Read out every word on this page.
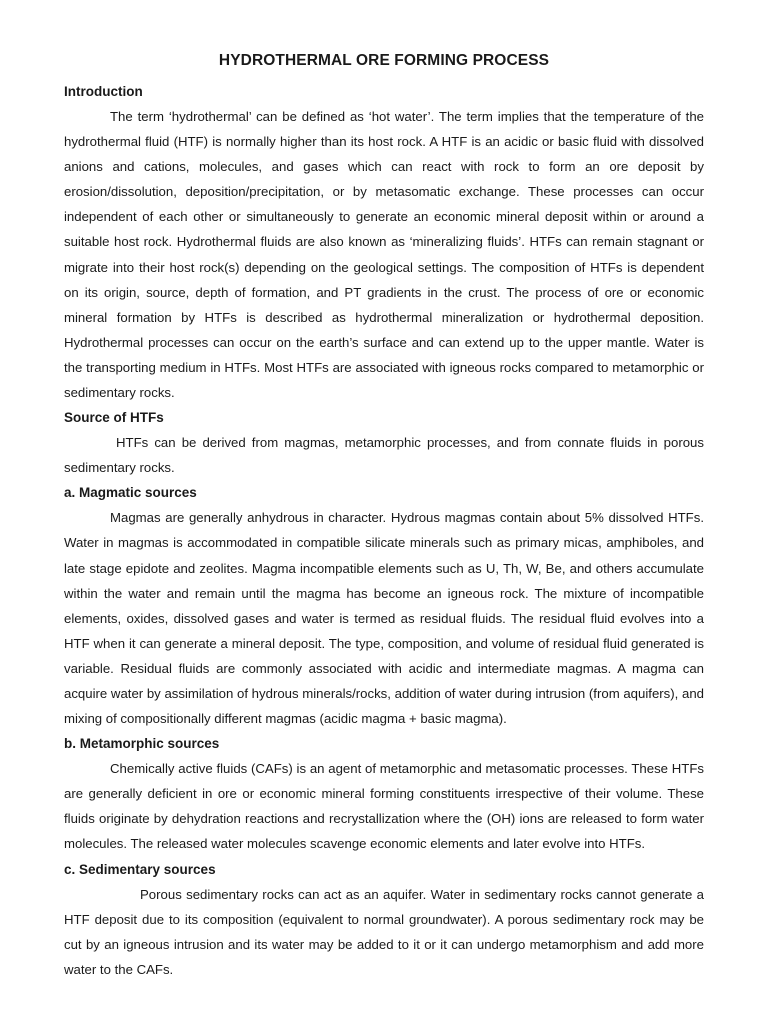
HYDROTHERMAL ORE FORMING PROCESS
Introduction

The term ‘hydrothermal’ can be defined as ‘hot water’. The term implies that the temperature of the hydrothermal fluid (HTF) is normally higher than its host rock. A HTF is an acidic or basic fluid with dissolved anions and cations, molecules, and gases which can react with rock to form an ore deposit by erosion/dissolution, deposition/precipitation, or by metasomatic exchange. These processes can occur independent of each other or simultaneously to generate an economic mineral deposit within or around a suitable host rock. Hydrothermal fluids are also known as ‘mineralizing fluids’. HTFs can remain stagnant or migrate into their host rock(s) depending on the geological settings. The composition of HTFs is dependent on its origin, source, depth of formation, and PT gradients in the crust. The process of ore or economic mineral formation by HTFs is described as hydrothermal mineralization or hydrothermal deposition. Hydrothermal processes can occur on the earth’s surface and can extend up to the upper mantle. Water is the transporting medium in HTFs. Most HTFs are associated with igneous rocks compared to metamorphic or sedimentary rocks.

Source of HTFs

HTFs can be derived from magmas, metamorphic processes, and from connate fluids in porous sedimentary rocks.

a. Magmatic sources

Magmas are generally anhydrous in character. Hydrous magmas contain about 5% dissolved HTFs. Water in magmas is accommodated in compatible silicate minerals such as primary micas, amphiboles, and late stage epidote and zeolites. Magma incompatible elements such as U, Th, W, Be, and others accumulate within the water and remain until the magma has become an igneous rock. The mixture of incompatible elements, oxides, dissolved gases and water is termed as residual fluids. The residual fluid evolves into a HTF when it can generate a mineral deposit. The type, composition, and volume of residual fluid generated is variable. Residual fluids are commonly associated with acidic and intermediate magmas. A magma can acquire water by assimilation of hydrous minerals/rocks, addition of water during intrusion (from aquifers), and mixing of compositionally different magmas (acidic magma + basic magma).

b. Metamorphic sources

Chemically active fluids (CAFs) is an agent of metamorphic and metasomatic processes. These HTFs are generally deficient in ore or economic mineral forming constituents irrespective of their volume. These fluids originate by dehydration reactions and recrystallization where the (OH) ions are released to form water molecules. The released water molecules scavenge economic elements and later evolve into HTFs.

c. Sedimentary sources

Porous sedimentary rocks can act as an aquifer. Water in sedimentary rocks cannot generate a HTF deposit due to its composition (equivalent to normal groundwater). A porous sedimentary rock may be cut by an igneous intrusion and its water may be added to it or it can undergo metamorphism and add more water to the CAFs.
